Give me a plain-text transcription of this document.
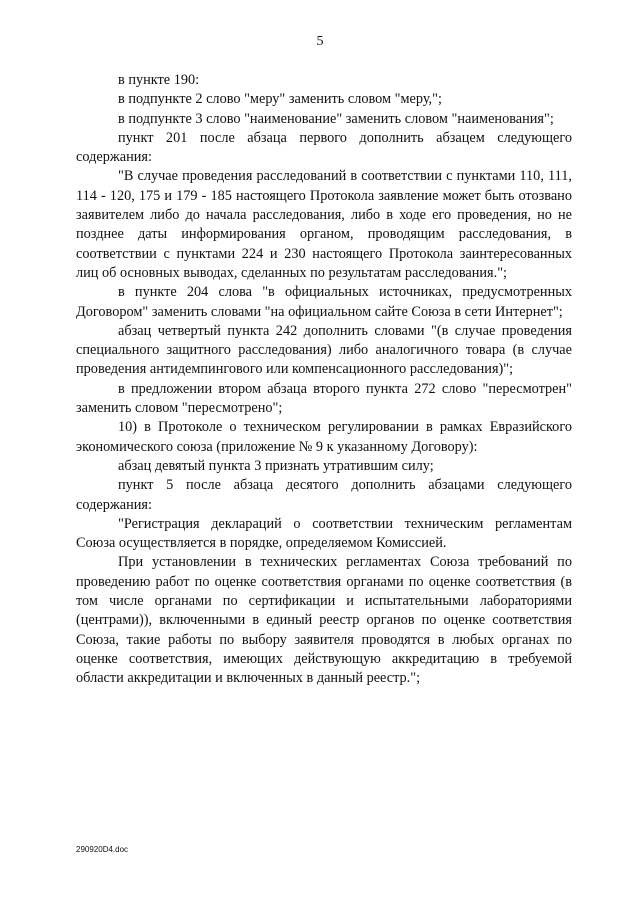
5

в пункте 190:

в подпункте 2 слово "меру" заменить словом "меру,";

в подпункте 3 слово "наименование" заменить словом "наименования";

пункт 201 после абзаца первого дополнить абзацем следующего содержания:

"В случае проведения расследований в соответствии с пунктами 110, 111, 114 - 120, 175 и 179 - 185 настоящего Протокола заявление может быть отозвано заявителем либо до начала расследования, либо в ходе его проведения, но не позднее даты информирования органом, проводящим расследования, в соответствии с пунктами 224 и 230 настоящего Протокола заинтересованных лиц об основных выводах, сделанных по результатам расследования.";

в пункте 204 слова "в официальных источниках, предусмотренных Договором" заменить словами "на официальном сайте Союза в сети Интернет";

абзац четвертый пункта 242 дополнить словами "(в случае проведения специального защитного расследования) либо аналогичного товара (в случае проведения антидемпингового или компенсационного расследования)";

в предложении втором абзаца второго пункта 272 слово "пересмотрен" заменить словом "пересмотрено";

10) в Протоколе о техническом регулировании в рамках Евразийского экономического союза (приложение № 9 к указанному Договору):

абзац девятый пункта 3 признать утратившим силу;

пункт 5 после абзаца десятого дополнить абзацами следующего содержания:

"Регистрация деклараций о соответствии техническим регламентам Союза осуществляется в порядке, определяемом Комиссией.

При установлении в технических регламентах Союза требований по проведению работ по оценке соответствия органами по оценке соответствия (в том числе органами по сертификации и испытательными лабораториями (центрами)), включенными в единый реестр органов по оценке соответствия Союза, такие работы по выбору заявителя проводятся в любых органах по оценке соответствия, имеющих действующую аккредитацию в требуемой области аккредитации и включенных в данный реестр.";

290920D4.doc
